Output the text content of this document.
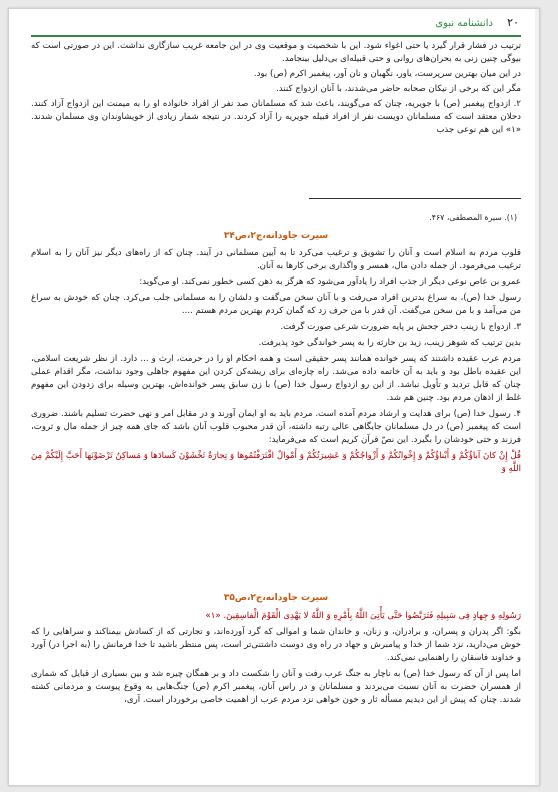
دانشنامه نبوی ۲۰

ترتیب در فشار قرار گیرد یا حتی اغواء شود. این با شخصیت و موقعیت وی در این جامعه غریب سازگاری نداشت. این در صورتی است که بیوگی چنین زنی به بحران‌های روانی و حتی قبیله‌ای بی‌دلیل بینجامد.

در این میان بهترین سرپرست، یاور، نگهبان و نان آور، پیغمبر اکرم (ص) بود.

مگر این که برخی از نیکان صحابه حاضر می‌شدند، با آنان ازدواج کنند.

۲. ازدواج پیغمبر (ص) با جویریه، چنان که می‌گویند، باعث شد که مسلمانان صد نفر از افراد خانواده او را به میمنت این ازدواج آزاد کنند. دحلان معتقد است که مسلمانان دویست نفر از افراد قبیله جویریه را آزاد کردند. در نتیجه شمار زیادی از خویشاوندان وی مسلمان شدند. «۱» این هم نوعی جذب

(۱). سیرة المصطفی، ۴۶۷.
سیرت جاودانه،ج۲،ص۳۴

قلوب مردم به اسلام است و آنان را تشویق و ترغیب می‌کرد تا به آیین مسلمانی در آیند. چنان که از راه‌های دیگر نیز آنان را به اسلام ترغیب می‌فرمود. از جمله دادن مال، همسر و واگذاری برخی کارها به آنان.

عمرو بن عاص نوعی دیگر از جذب افراد را یادآور می‌شود که هرگز به ذهن کسی خطور نمی‌کند. او می‌گوید:

رسول خدا (ص)، به سراغ بدترین افراد می‌رفت و با آنان سخن می‌گفت و دلشان را به مسلمانی جلب می‌کرد. چنان که خودش به سراغ من می‌آمد و با من سخن می‌گفت. آن قدر با من حرف زد که گمان کردم بهترین مردم هستم ....

۳. ازدواج با زینب دختر جحش بر پایه ضرورت شرعی صورت گرفت.

بدین ترتیب که شوهر زینب، زید بن حارثه را به پسر خواندگی خود پذیرفت.

مردم عرب عقیده داشتند که پسر خوانده همانند پسر حقیقی است و همه احکام او را در حرمت، ارث و ... دارد. از نظر شریعت اسلامی، این عقیده باطل بود و باید به آن خاتمه داده می‌شد. راه چاره‌ای برای ریشه‌کن کردن این مفهوم جاهلی وجود نداشت، مگر اقدام عملی چنان که قابل تردید و تأویل نباشد. از این رو ازدواج رسول خدا (ص) با زن سابق پسر خوانده‌اش، بهترین وسیله برای زدودن این مفهوم غلط از اذهان مردم بود. چنین هم شد.

۴. رسول خدا (ص) برای هدایت و ارشاد مردم آمده است. مردم باید به او ایمان آورند و در مقابل امر و نهی حضرت تسلیم باشند. ضروری است که پیغمبر (ص) در دل مسلمانان جایگاهی عالی رتبه داشته، آن قدر محبوب قلوب آنان باشد که جای همه چیز از جمله مال و ثروت، فرزند و حتی خودشان را بگیرد. این نصّ قرآن کریم است که می‌فرماید:

قُلْ إِنْ کانَ آباؤُکُمْ وَ أَبْناؤُکُمْ وَ إِخْوانُکُمْ وَ أَزْواجُکُمْ وَ عَشِیرَتُکُمْ وَ أَمْوالٌ اقْتَرَفْتُمُوها وَ تِجارَةٌ تَخْشَوْنَ کَسادَها وَ مَساکِنُ تَرْضَوْنَها أَحَبَّ إِلَیْکُمْ مِنَ اللَّهِ وَ

سیرت جاودانه،ج۲،ص۳۵

رَسُولِهِ وَ جِهادٍ فِی سَبِیلِهِ فَتَرَبَّصُوا حَتَّی یَأْتِیَ اللَّهُ بِأَمْرِهِ وَ اللَّهُ لا یَهْدِی الْقَوْمَ الْفاسِقِینَ. «۱»

بگو: اگر پدران و پسران، و برادران، و زنان، و خاندان شما و اموالی که گرد آورده‌اند، و تجارتی که از کسادش بیمناکند و سراهایی را که خوش می‌دارید، نزد شما از خدا و پیامبرش و جهاد در راه وی دوست داشتنی‌تر است، پس منتظر باشید تا خدا فرمانش را (به اجرا در) آورد و خداوند فاسقان را راهنمایی نمی‌کند.

اما پس از آن که رسول خدا (ص) به ناچار به جنگ عرب رفت و آنان را شکست داد و بر همگان چیره شد و بین بسیاری از قبایل که شماری از همسران حضرت به آنان نسبت می‌بردند و مسلمانان و در راس آنان، پیغمبر اکرم (ص) جنگ‌هایی به وقوع پیوست و مردمانی کشته شدند. چنان که پیش از این دیدیم مسأله ثار و خون خواهی نزد مردم عرب از اهمیت خاصی برخوردار است. آری،
